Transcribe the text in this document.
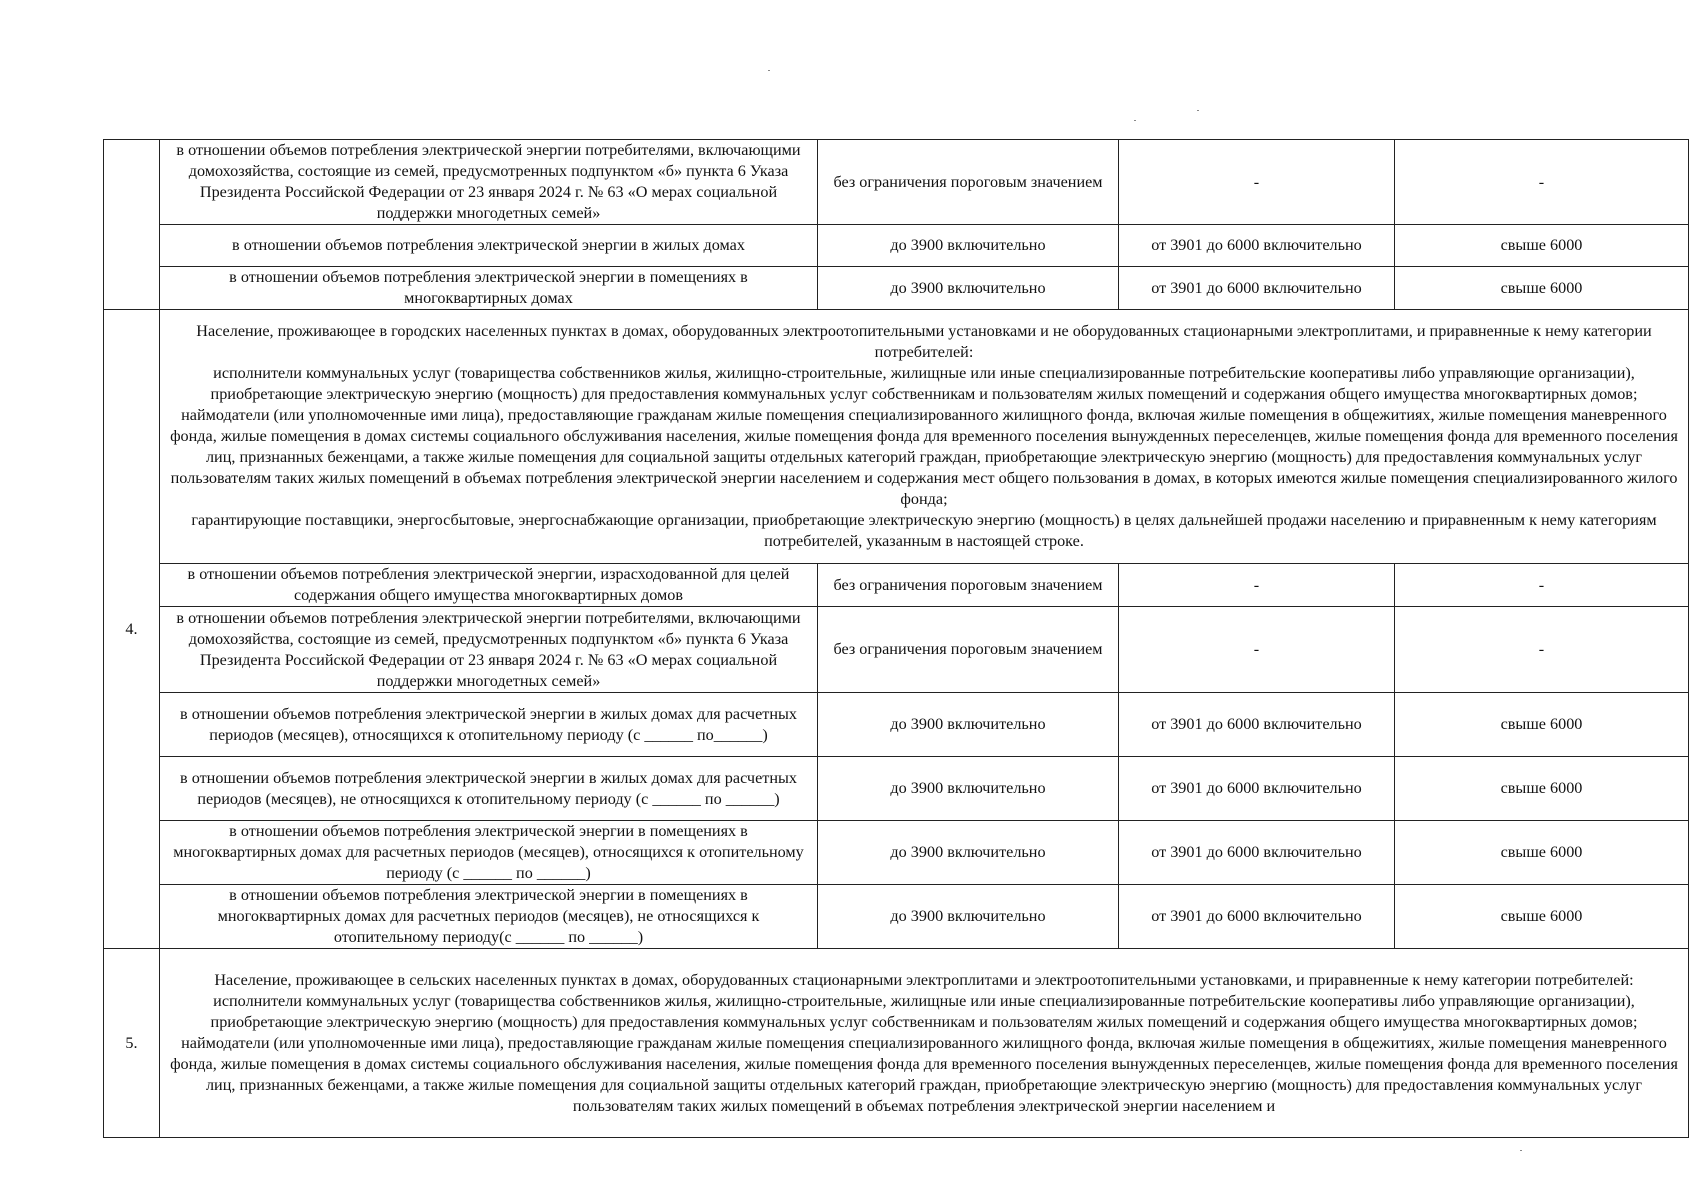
	в отношении объемов потребления электрической энергии потребителями, включающими домохозяйства, состоящие из семей, предусмотренных подпунктом «б» пункта 6 Указа Президента Российской Федерации от 23 января 2024 г. № 63 «О мерах социальной поддержки многодетных семей»	без ограничения пороговым значением	-	-
	в отношении объемов потребления электрической энергии в жилых домах	до 3900 включительно	от 3901 до 6000 включительно	свыше 6000
	в отношении объемов потребления электрической энергии в помещениях в многоквартирных домах	до 3900 включительно	от 3901 до 6000 включительно	свыше 6000
4.	Население, проживающее в городских населенных пунктах в домах, оборудованных электроотопительными установками и не оборудованных стационарными электроплитами, и приравненные к нему категории потребителей:
исполнители коммунальных услуг (товарищества собственников жилья, жилищно-строительные, жилищные или иные специализированные потребительские кооперативы либо управляющие организации), приобретающие электрическую энергию (мощность) для предоставления коммунальных услуг собственникам и пользователям жилых помещений и содержания общего имущества многоквартирных домов;
наймодатели (или уполномоченные ими лица), предоставляющие гражданам жилые помещения специализированного жилищного фонда, включая жилые помещения в общежитиях, жилые помещения маневренного фонда, жилые помещения в домах системы социального обслуживания населения, жилые помещения фонда для временного поселения вынужденных переселенцев, жилые помещения фонда для временного поселения лиц, признанных беженцами, а также жилые помещения для социальной защиты отдельных категорий граждан, приобретающие электрическую энергию (мощность) для предоставления коммунальных услуг пользователям таких жилых помещений в объемах потребления электрической энергии населением и содержания мест общего пользования в домах, в которых имеются жилые помещения специализированного жилого фонда;
гарантирующие поставщики, энергосбытовые, энергоснабжающие организации, приобретающие электрическую энергию (мощность) в целях дальнейшей продажи населению и приравненным к нему категориям потребителей, указанным в настоящей строке.			

	в отношении объемов потребления электрической энергии, израсходованной для целей содержания общего имущества многоквартирных домов	без ограничения пороговым значением	-	-
	в отношении объемов потребления электрической энергии потребителями, включающими домохозяйства, состоящие из семей, предусмотренных подпунктом «б» пункта 6 Указа Президента Российской Федерации от 23 января 2024 г. № 63 «О мерах социальной поддержки многодетных семей»	без ограничения пороговым значением	-	-
	в отношении объемов потребления электрической энергии в жилых домах для расчетных периодов (месяцев), относящихся к отопительному периоду (с ______ по______)	до 3900 включительно	от 3901 до 6000 включительно	свыше 6000
	в отношении объемов потребления электрической энергии в жилых домах для расчетных периодов (месяцев), не относящихся к отопительному периоду (с ______ по ______)	до 3900 включительно	от 3901 до 6000 включительно	свыше 6000
	в отношении объемов потребления электрической энергии в помещениях в многоквартирных домах для расчетных периодов (месяцев), относящихся к отопительному периоду (с ______ по ______)	до 3900 включительно	от 3901 до 6000 включительно	свыше 6000
	в отношении объемов потребления электрической энергии в помещениях в многоквартирных домах для расчетных периодов (месяцев), не относящихся к отопительному периоду(с ______ по ______)	до 3900 включительно	от 3901 до 6000 включительно	свыше 6000
5.	Население, проживающее в сельских населенных пунктах в домах, оборудованных стационарными электроплитами и электроотопительными установками, и приравненные к нему категории потребителей:
исполнители коммунальных услуг (товарищества собственников жилья, жилищно-строительные, жилищные или иные специализированные потребительские кооперативы либо управляющие организации), приобретающие электрическую энергию (мощность) для предоставления коммунальных услуг собственникам и пользователям жилых помещений и содержания общего имущества многоквартирных домов;
наймодатели (или уполномоченные ими лица), предоставляющие гражданам жилые помещения специализированного жилищного фонда, включая жилые помещения в общежитиях, жилые помещения маневренного фонда, жилые помещения в домах системы социального обслуживания населения, жилые помещения фонда для временного поселения вынужденных переселенцев, жилые помещения фонда для временного поселения лиц, признанных беженцами, а также жилые помещения для социальной защиты отдельных категорий граждан, приобретающие электрическую энергию (мощность) для предоставления коммунальных услуг пользователям таких жилых помещений в объемах потребления электрической энергии населением и			
